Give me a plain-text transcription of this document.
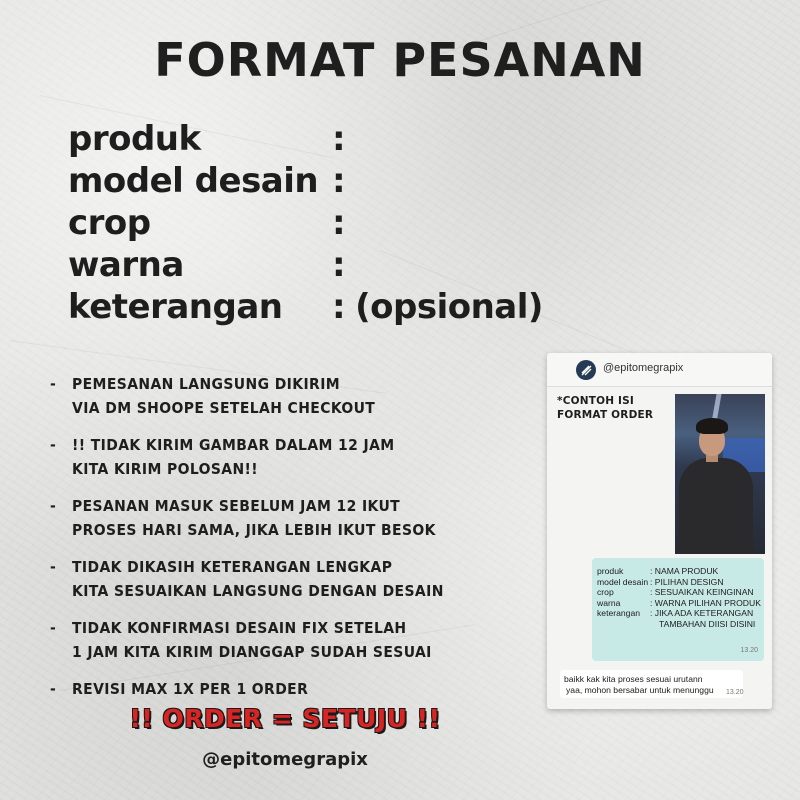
FORMAT PESANAN
produk	:
model desain :
crop	:
warna	:
keterangan : (opsional)
- PEMESANAN LANGSUNG DIKIRIM
VIA DM SHOOPE SETELAH CHECKOUT
- !! TIDAK KIRIM GAMBAR DALAM 12 JAM
KITA KIRIM POLOSAN!!
- PESANAN MASUK SEBELUM JAM 12 IKUT
PROSES HARI SAMA, JIKA LEBIH IKUT BESOK
- TIDAK DIKASIH KETERANGAN LENGKAP
KITA SESUAIKAN LANGSUNG DENGAN DESAIN
- TIDAK KONFIRMASI DESAIN FIX SETELAH
1 JAM KITA KIRIM DIANGGAP SUDAH SESUAI
- REVISI MAX 1X PER 1 ORDER
!! ORDER = SETUJU !!
@epitomegrapix
@epitomegrapix
*CONTOH ISI FORMAT ORDER
produk	: NAMA PRODUK
model desain : PILIHAN DESIGN
crop	: SESUAIKAN KEINGINAN
warna	: WARNA PILIHAN PRODUK
keterangan : JIKA ADA KETERANGAN
TAMBAHAN DIISI DISINI
13.20
baikk kak kita proses sesuai urutann
yaa, mohon bersabar untuk menunggu	13.20
